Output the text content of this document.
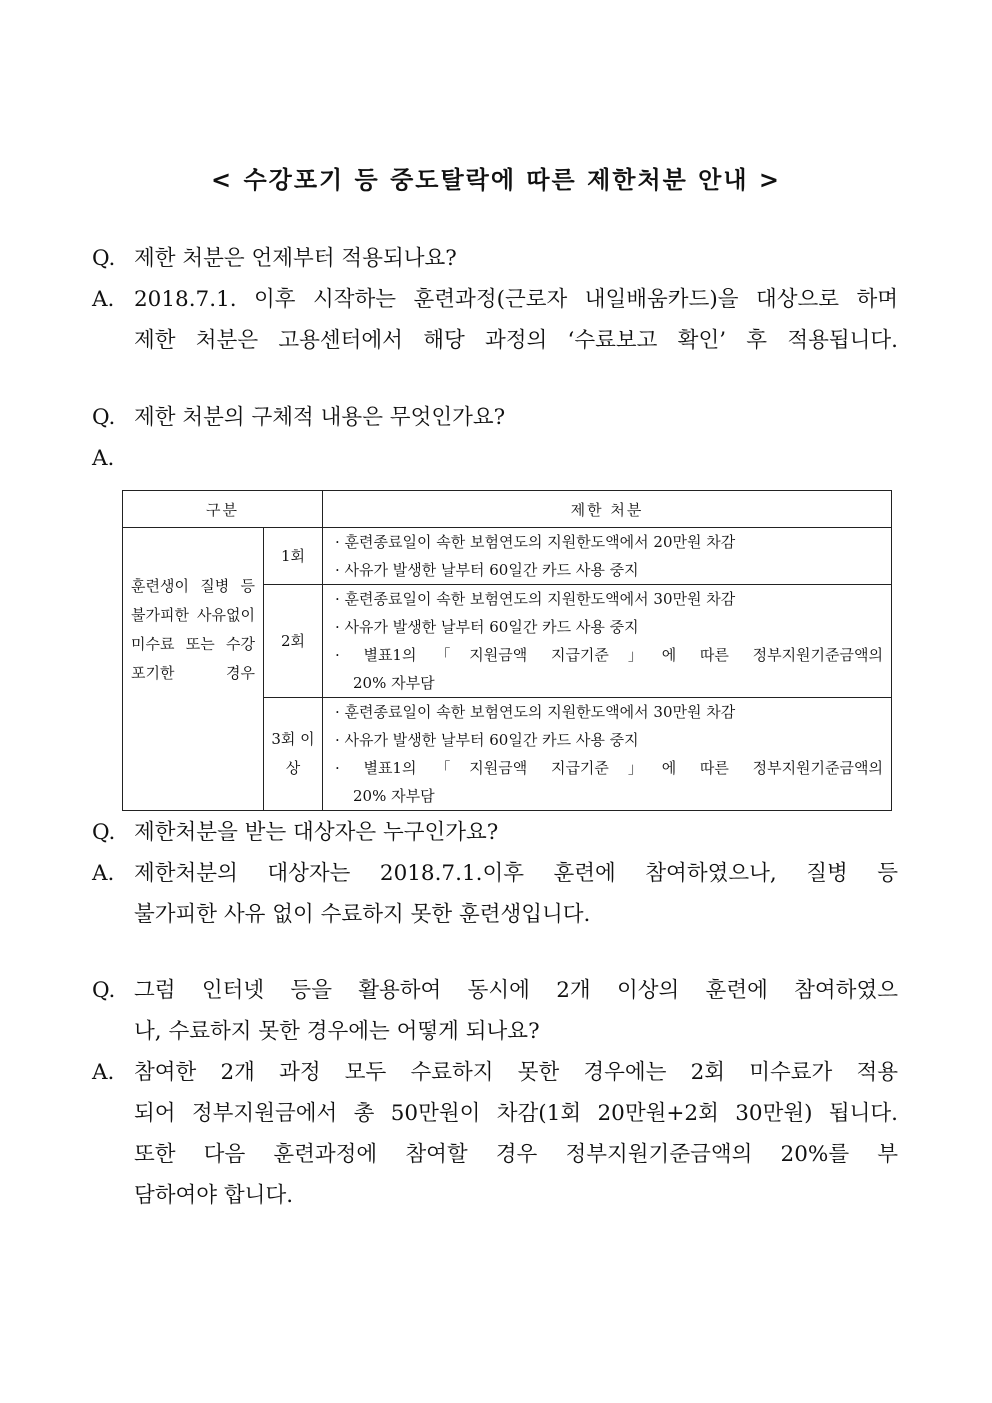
< 수강포기 등 중도탈락에 따른 제한처분 안내 >
Q. 제한 처분은 언제부터 적용되나요?
A. 2018.7.1. 이후 시작하는 훈련과정(근로자 내일배움카드)을 대상으로 하며
제한 처분은 고용센터에서 해당 과정의 ‘수료보고 확인’ 후 적용됩니다.
Q. 제한 처분의 구체적 내용은 무엇인가요?
A.
구분		제한 처분
훈련생이 질병 등 불가피한 사유없이 미수료 또는 수강포기한 경우	1회	· 훈련종료일이 속한 보험연도의 지원한도액에서 20만원 차감
· 사유가 발생한 날부터 60일간 카드 사용 중지

	2회	· 훈련종료일이 속한 보험연도의 지원한도액에서 30만원 차감
· 사유가 발생한 날부터 60일간 카드 사용 중지
· 별표1의「지원금액 지급기준」에 따른 정부지원기준금액의
20% 자부담

	3회 이상	· 훈련종료일이 속한 보험연도의 지원한도액에서 30만원 차감
· 사유가 발생한 날부터 60일간 카드 사용 중지
· 별표1의「지원금액 지급기준」에 따른 정부지원기준금액의
20% 자부담
Q. 제한처분을 받는 대상자은 누구인가요?
A. 제한처분의 대상자는 2018.7.1.이후 훈련에 참여하였으나, 질병 등
불가피한 사유 없이 수료하지 못한 훈련생입니다.
Q. 그럼 인터넷 등을 활용하여 동시에 2개 이상의 훈련에 참여하였으
나, 수료하지 못한 경우에는 어떻게 되나요?
A. 참여한 2개 과정 모두 수료하지 못한 경우에는 2회 미수료가 적용
되어 정부지원금에서 총 50만원이 차감(1회 20만원+2회 30만원) 됩니다.
또한 다음 훈련과정에 참여할 경우 정부지원기준금액의 20%를 부
담하여야 합니다.
